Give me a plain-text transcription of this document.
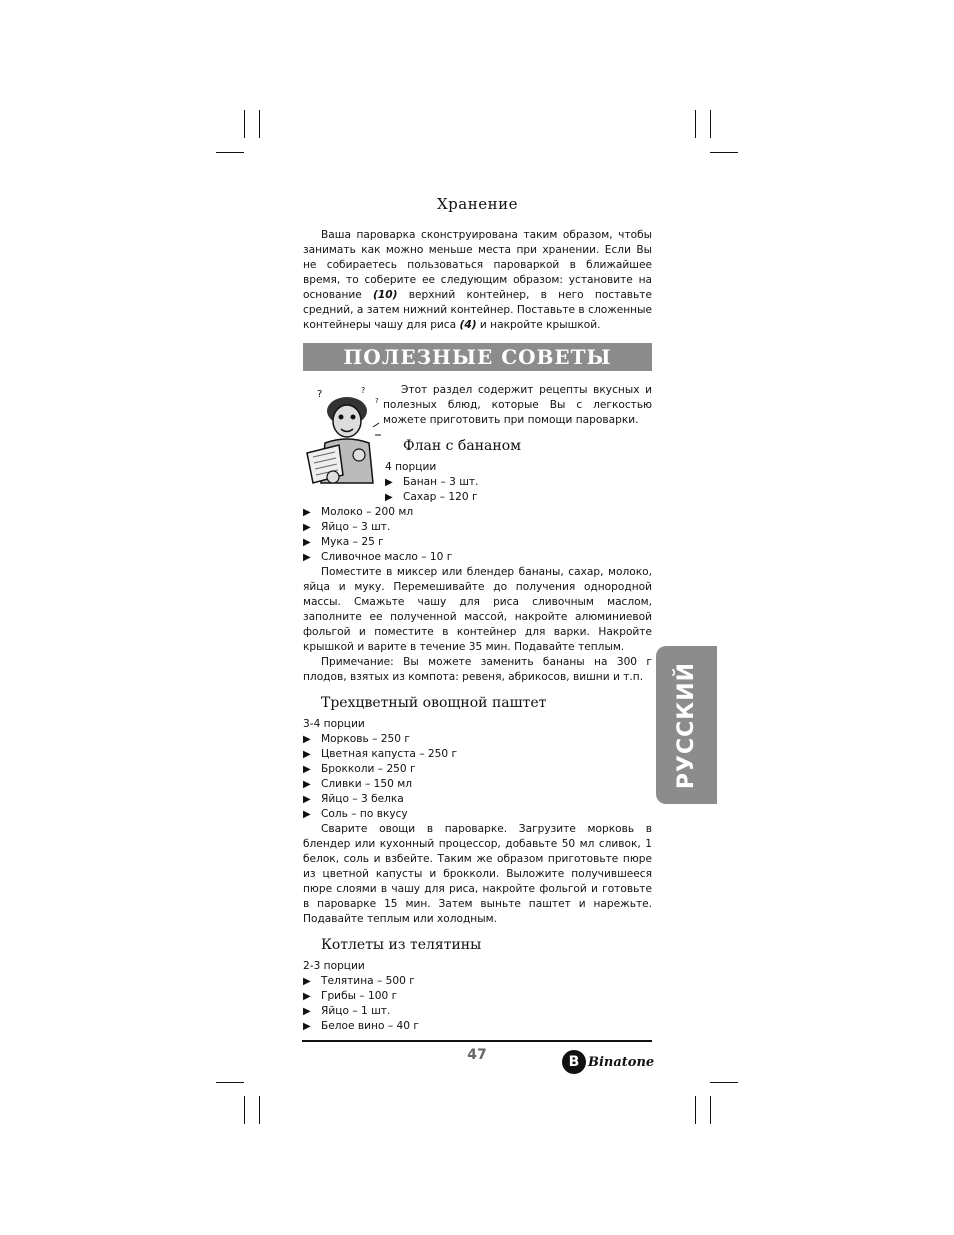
Хранение

Ваша пароварка сконструирована таким образом, чтобы занимать как можно меньше места при хранении. Если Вы не собираетесь пользоваться пароваркой в ближайшее время, то соберите ее следующим образом: установите на основание (10) верхний контейнер, в него поставьте средний, а затем нижний контейнер. Поставьте в сложенные контейнеры чашу для риса (4) и накройте крышкой.

ПОЛЕЗНЫЕ СОВЕТЫ
?	?
?

Этот раздел содержит рецепты вкусных и полезных блюд, которые Вы с легкостью можете приготовить при помощи пароварки.

Флан с бананом
4 порции
▶ Банан – 3 шт.
▶ Сахар – 120 г
▶ Молоко – 200 мл
▶ Яйцо – 3 шт.
▶ Мука – 25 г
▶ Сливочное масло – 10 г

Поместите в миксер или блендер бананы, сахар, молоко, яйца и муку. Перемешивайте до получения однородной массы. Смажьте чашу для риса сливочным маслом, заполните ее полученной массой, накройте алюминиевой фольгой и поместите в контейнер для варки. Накройте крышкой и варите в течение 35 мин. Подавайте теплым.

Примечание: Вы можете заменить бананы на 300 г плодов, взятых из компота: ревеня, абрикосов, вишни и т.п.

Трехцветный овощной паштет
3-4 порции
▶ Морковь – 250 г
▶ Цветная капуста – 250 г
▶ Брокколи – 250 г
▶ Сливки – 150 мл
▶ Яйцо – 3 белка
▶ Соль – по вкусу

Сварите овощи в пароварке. Загрузите морковь в блендер или кухонный процессор, добавьте 50 мл сливок, 1 белок, соль и взбейте. Таким же образом приготовьте пюре из цветной капусты и брокколи. Выложите получившееся пюре слоями в чашу для риса, накройте фольгой и готовьте в пароварке 15 мин. Затем выньте паштет и нарежьте. Подавайте теплым или холодным.

Котлеты из телятины
2-3 порции
▶ Телятина – 500 г
▶ Грибы – 100 г
▶ Яйцо – 1 шт.
▶ Белое вино – 40 г
47	B Binatone
РУССКИЙ
